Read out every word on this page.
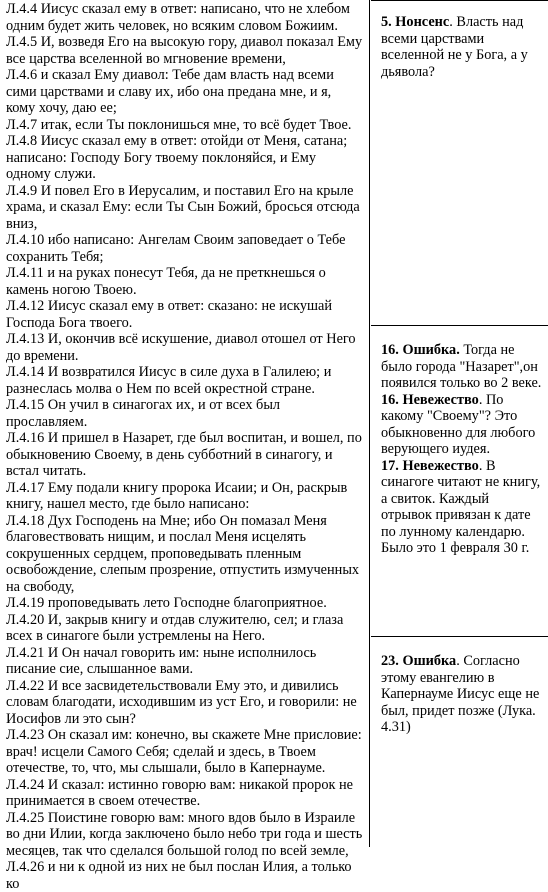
Л.4.4 Иисус сказал ему в ответ: написано, что не хлебом одним будет жить человек, но всяким словом Божиим.

Л.4.5 И, возведя Его на высокую гору, диавол показал Ему все царства вселенной во мгновение времени,

Л.4.6 и сказал Ему диавол: Тебе дам власть над всеми сими царствами и славу их, ибо она предана мне, и я, кому хочу, даю ее;

Л.4.7 итак, если Ты поклонишься мне, то всё будет Твое.

Л.4.8 Иисус сказал ему в ответ: отойди от Меня, сатана; написано: Господу Богу твоему поклоняйся, и Ему одному служи.

Л.4.9 И повел Его в Иерусалим, и поставил Его на крыле храма, и сказал Ему: если Ты Сын Божий, бросься отсюда вниз,

Л.4.10 ибо написано: Ангелам Своим заповедает о Тебе сохранить Тебя;

Л.4.11 и на руках понесут Тебя, да не преткнешься о камень ногою Твоею.

Л.4.12 Иисус сказал ему в ответ: сказано: не искушай Господа Бога твоего.

Л.4.13 И, окончив всё искушение, диавол отошел от Него до времени.

Л.4.14 И возвратился Иисус в силе духа в Галилею; и разнеслась молва о Нем по всей окрестной стране.

Л.4.15 Он учил в синагогах их, и от всех был прославляем.

Л.4.16 И пришел в Назарет, где был воспитан, и вошел, по обыкновению Своему, в день субботний в синагогу, и встал читать.

Л.4.17 Ему подали книгу пророка Исаии; и Он, раскрыв книгу, нашел место, где было написано:

Л.4.18 Дух Господень на Мне; ибо Он помазал Меня благовествовать нищим, и послал Меня исцелять сокрушенных сердцем, проповедывать пленным освобождение, слепым прозрение, отпустить измученных на свободу,

Л.4.19 проповедывать лето Господне благоприятное.

Л.4.20 И, закрыв книгу и отдав служителю, сел; и глаза всех в синагоге были устремлены на Него.

Л.4.21 И Он начал говорить им: ныне исполнилось писание сие, слышанное вами.

Л.4.22 И все засвидетельствовали Ему это, и дивились словам благодати, исходившим из уст Его, и говорили: не Иосифов ли это сын?

Л.4.23 Он сказал им: конечно, вы скажете Мне присловие: врач! исцели Самого Себя; сделай и здесь, в Твоем отечестве, то, что, мы слышали, было в Капернауме.

Л.4.24 И сказал: истинно говорю вам: никакой пророк не принимается в своем отечестве.

Л.4.25 Поистине говорю вам: много вдов было в Израиле во дни Илии, когда заключено было небо три года и шесть месяцев, так что сделался большой голод по всей земле,

Л.4.26 и ни к одной из них не был послан Илия, а только ко

5. Нонсенс. Власть над всеми царствами вселенной не у Бога, а у дьявола?

16. Ошибка. Тогда не было города "Назарет",он появился только во 2 веке.

16. Невежество. По какому "Своему"? Это обыкновенно для любого верующего иудея.

17. Невежество. В синагоге читают не книгу, а свиток. Каждый отрывок привязан к дате по лунному календарю. Было это 1 февраля 30 г.

23. Ошибка. Согласно этому евангелию в Капернауме Иисус еще не был, придет позже (Лука. 4.31)
